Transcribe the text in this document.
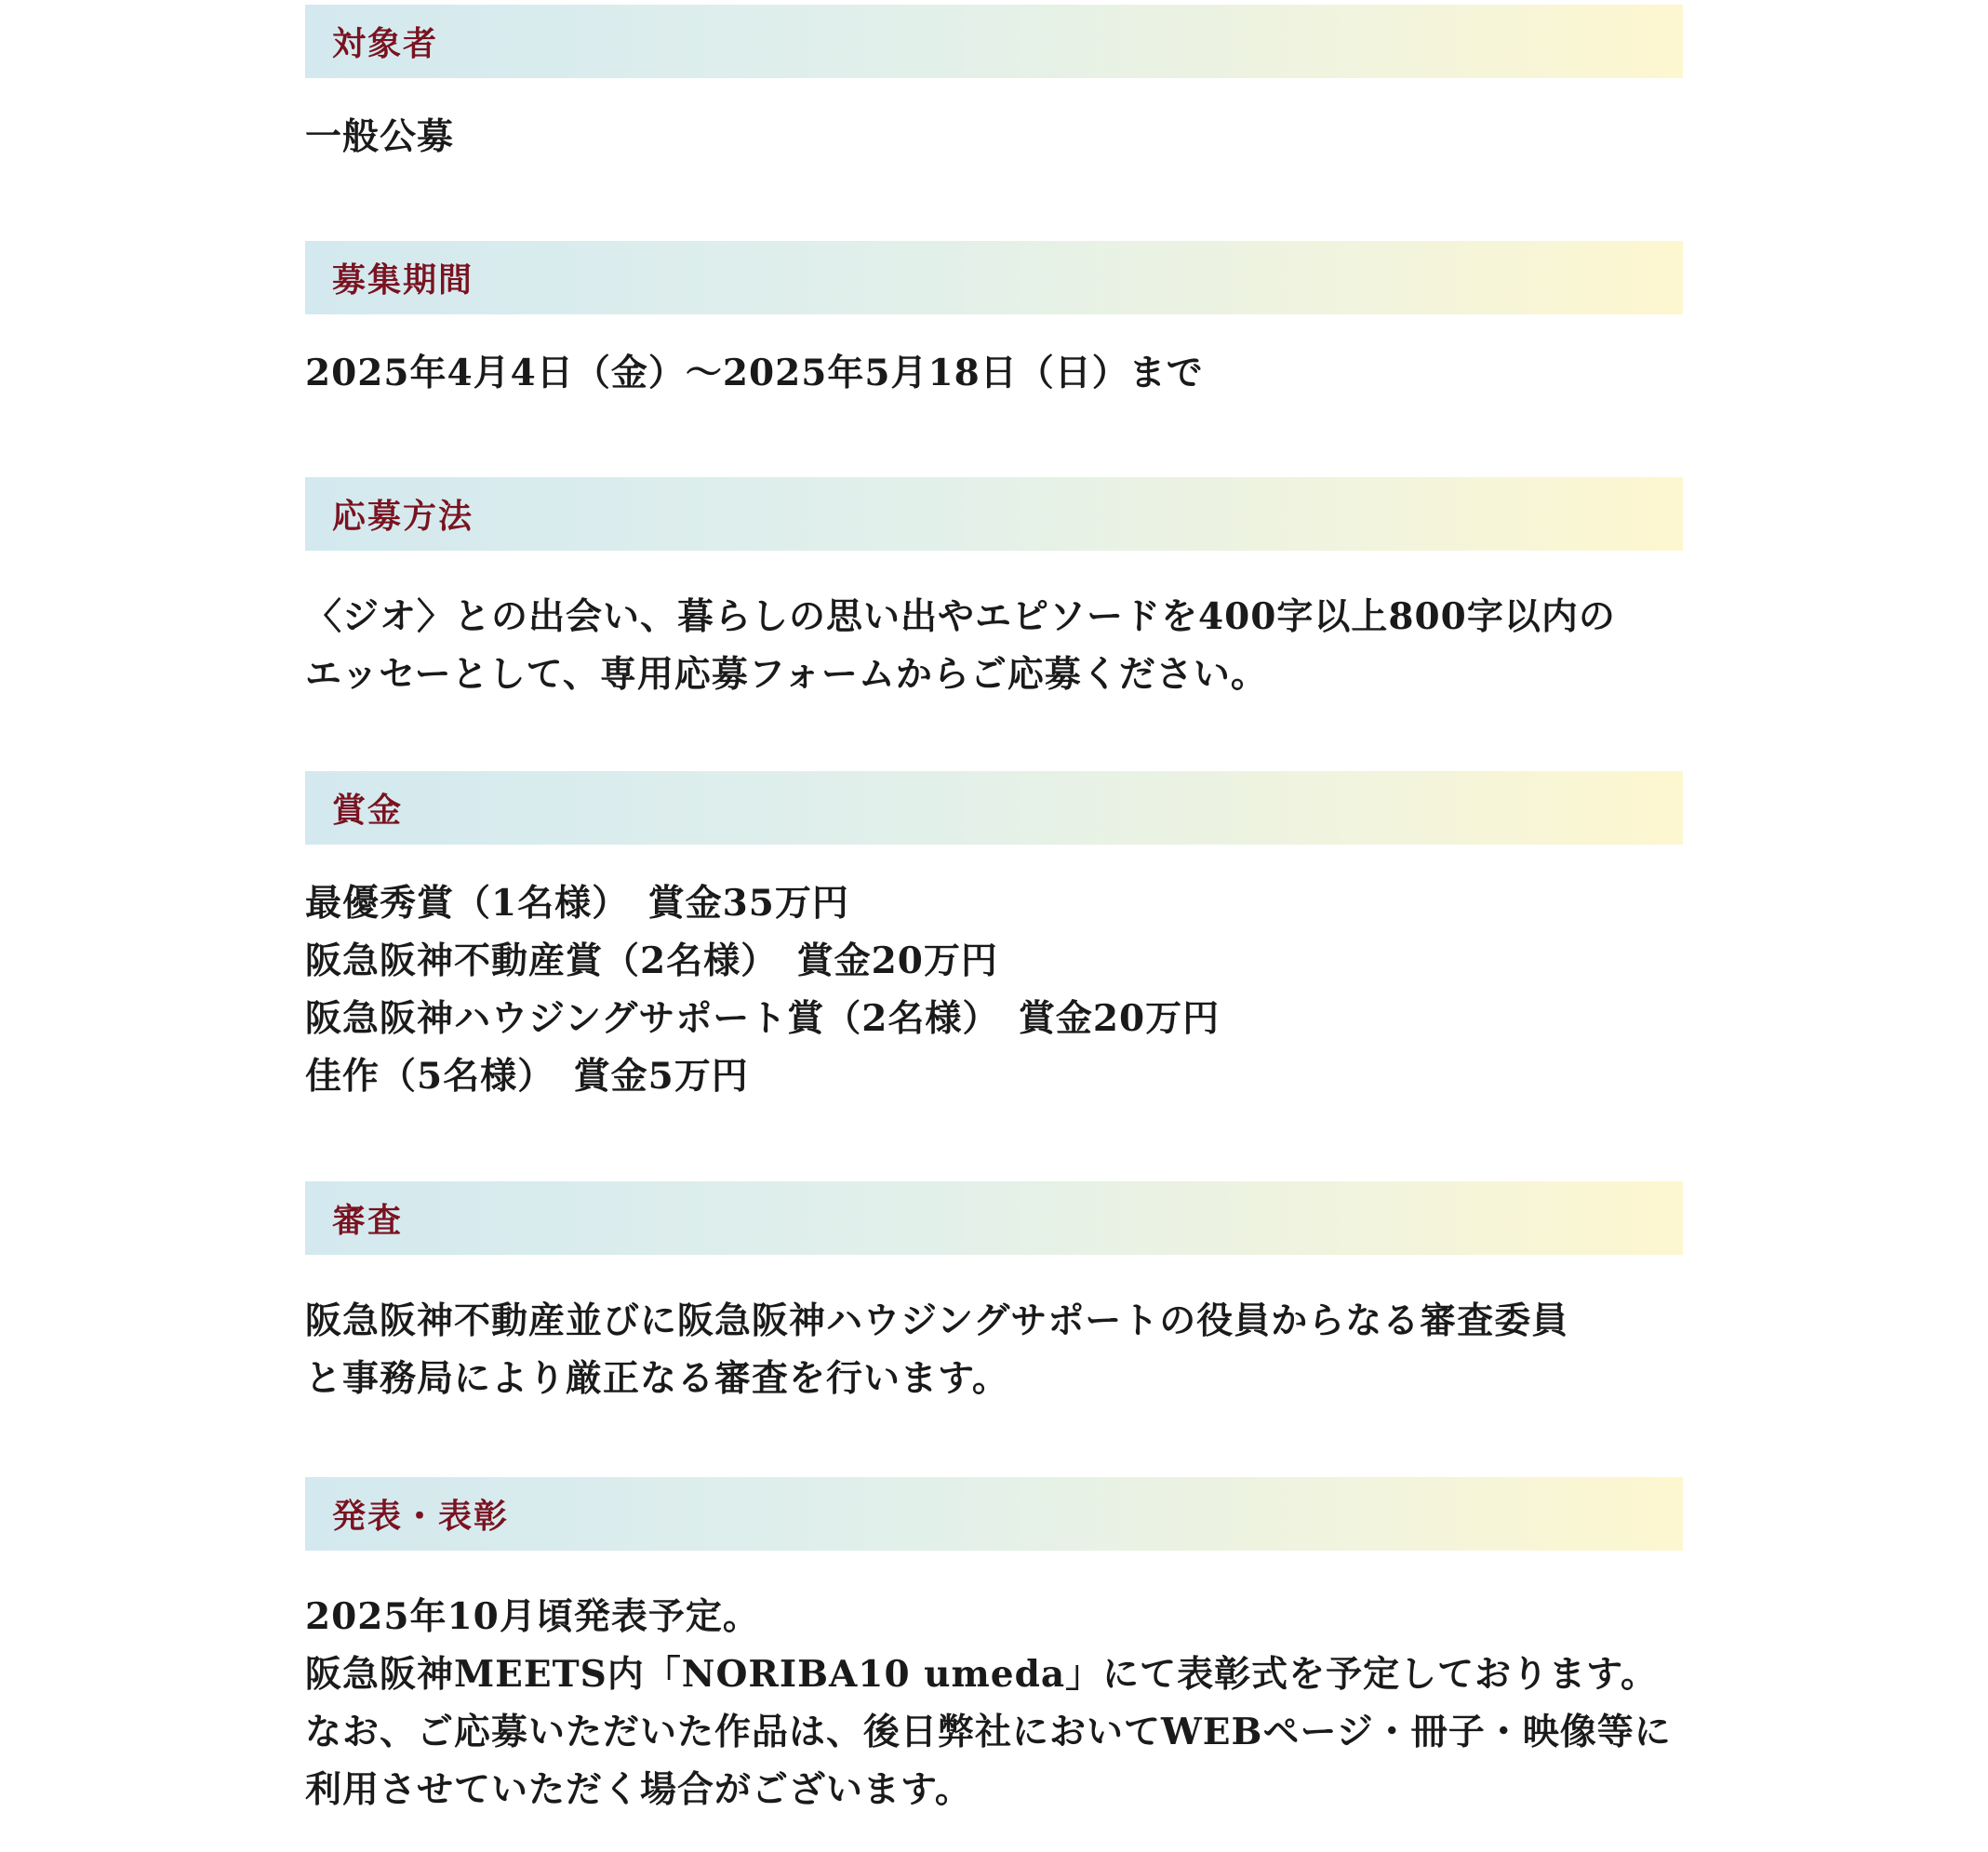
対象者

一般公募

募集期間

2025年4月4日（金）～2025年5月18日（日）まで

応募方法

〈ジオ〉との出会い、暮らしの思い出やエピソードを400字以上800字以内の

エッセーとして、専用応募フォームからご応募ください。

賞金

最優秀賞（1名様）　賞金35万円

阪急阪神不動産賞（2名様）　賞金20万円

阪急阪神ハウジングサポート賞（2名様）　賞金20万円

佳作（5名様）　賞金5万円

審査

阪急阪神不動産並びに阪急阪神ハウジングサポートの役員からなる審査委員

と事務局により厳正なる審査を行います。

発表・表彰

2025年10月頃発表予定。

阪急阪神MEETS内「NORIBA10 umeda」にて表彰式を予定しております。

なお、ご応募いただいた作品は、後日弊社においてWEBページ・冊子・映像等に

利用させていただく場合がございます。
